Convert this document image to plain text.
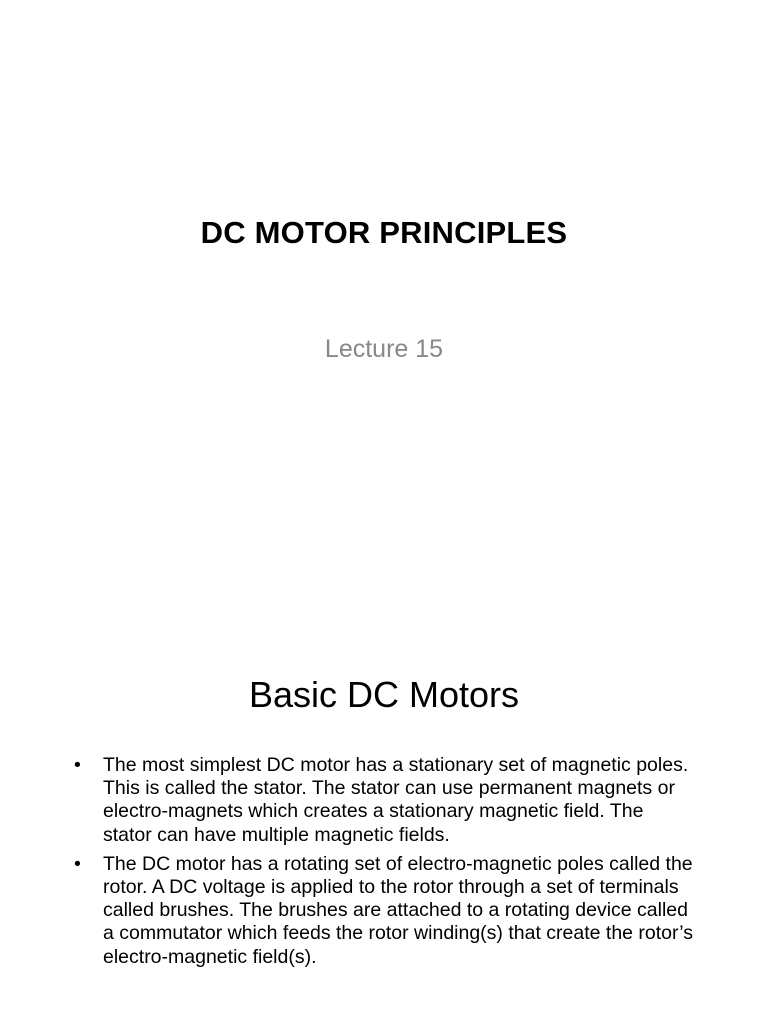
DC MOTOR PRINCIPLES
Lecture 15
Basic DC Motors
• The most simplest DC motor has a stationary set of magnetic poles. This is called the stator. The stator can use permanent magnets or electro-magnets which creates a stationary magnetic field. The stator can have multiple magnetic fields.
• The DC motor has a rotating set of electro-magnetic poles called the rotor. A DC voltage is applied to the rotor through a set of terminals called brushes. The brushes are attached to a rotating device called a commutator which feeds the rotor winding(s) that create the rotor’s electro-magnetic field(s).
